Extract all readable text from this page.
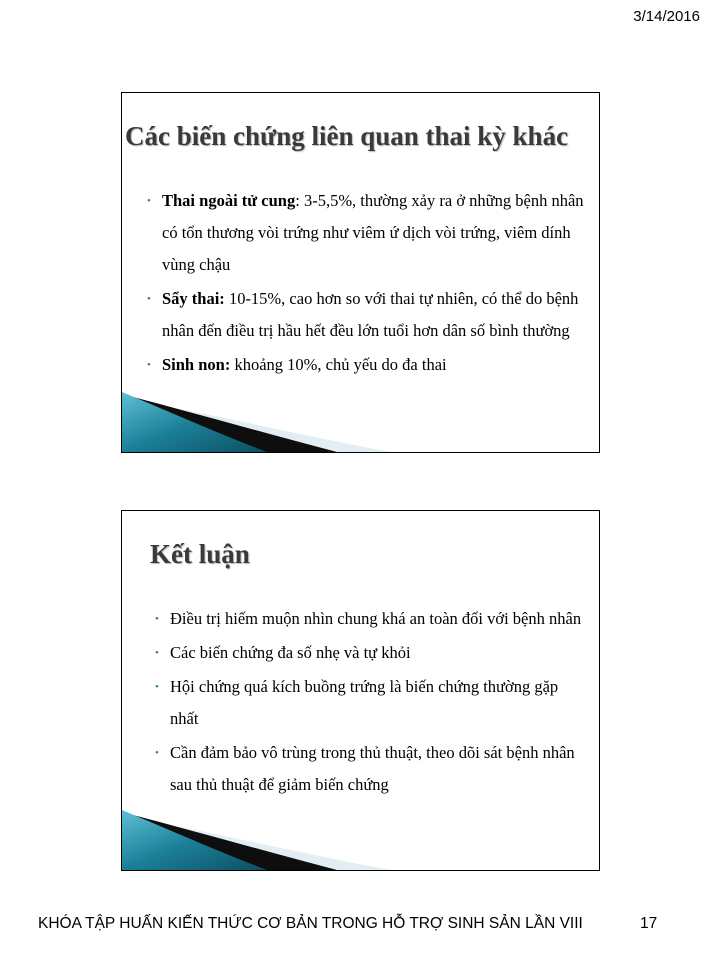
3/14/2016
Các biến chứng liên quan thai kỳ khác
• Thai ngoài tử cung: 3-5,5%, thường xảy ra ở những bệnh nhân có tổn thương vòi trứng như viêm ứ dịch vòi trứng, viêm dính vùng chậu
• Sẩy thai: 10-15%, cao hơn so với thai tự nhiên, có thể do bệnh nhân đến điều trị hầu hết đều lớn tuổi hơn dân số bình thường
• Sinh non: khoảng 10%, chủ yếu do đa thai
Kết luận
• Điều trị hiếm muộn nhìn chung khá an toàn đối với bệnh nhân
• Các biến chứng đa số nhẹ và tự khỏi
• Hội chứng quá kích buồng trứng là biến chứng thường gặp nhất
• Cần đảm bảo vô trùng trong thủ thuật, theo dõi sát bệnh nhân sau thủ thuật để giảm biến chứng
KHÓA TẬP HUẤN KIẾN THỨC CƠ BẢN TRONG HỖ TRỢ SINH SẢN LẦN VIII	17
